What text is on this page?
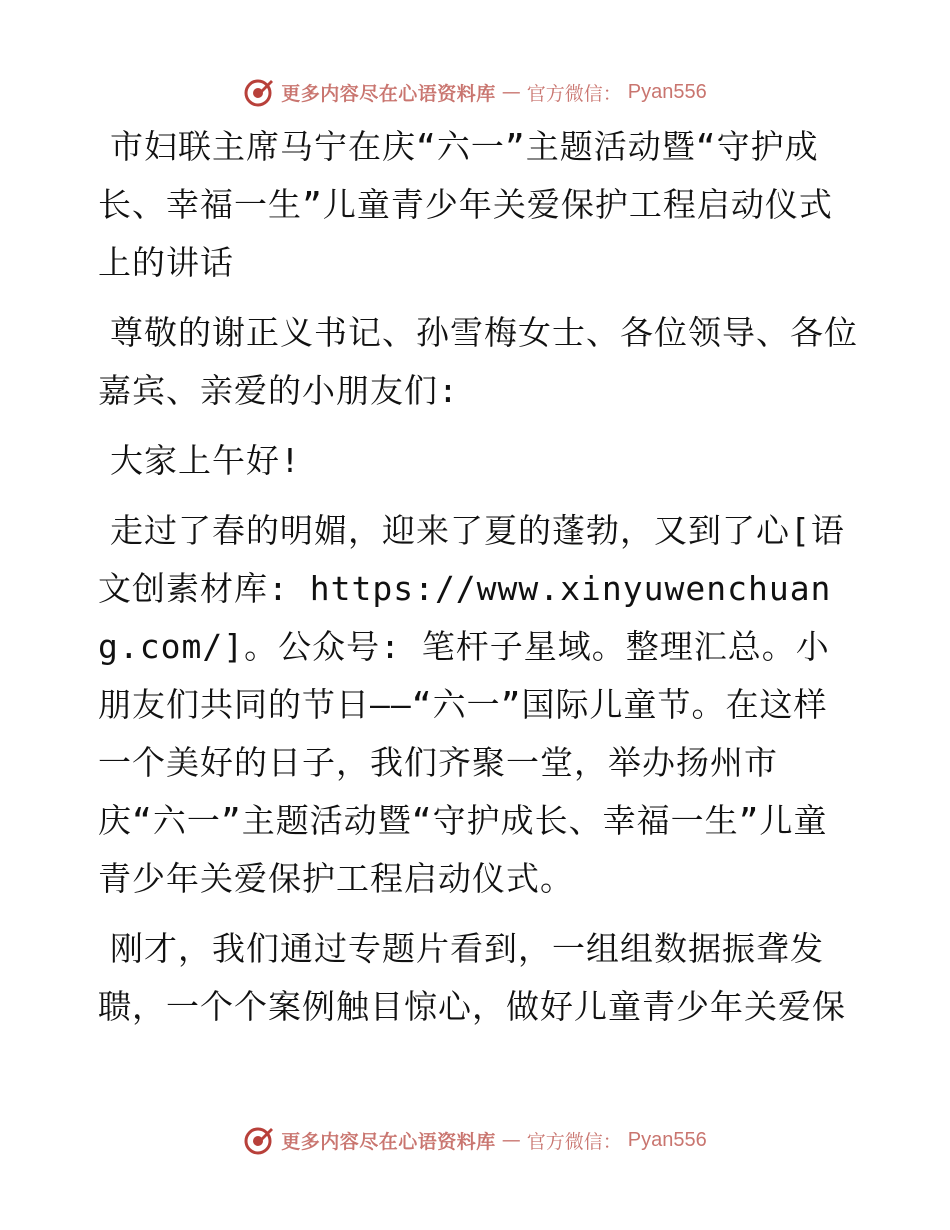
更多内容尽在心语资料库 — 官方微信： Pyan556

市妇联主席马宁在庆“六一”主题活动暨“守护成长、幸福一生”儿童青少年关爱保护工程启动仪式上的讲话

尊敬的谢正义书记、孙雪梅女士、各位领导、各位嘉宾、亲爱的小朋友们:

大家上午好!

走过了春的明媚，迎来了夏的蓬勃，又到了心[语文创素材库: https://www.xinyuwenchuang.com/]。公众号: 笔杆子星域。整理汇总。小朋友们共同的节日——“六一”国际儿童节。在这样一个美好的日子，我们齐聚一堂，举办扬州市庆“六一”主题活动暨“守护成长、幸福一生”儿童青少年关爱保护工程启动仪式。

刚才，我们通过专题片看到，一组组数据振聋发聩，一个个案例触目惊心，做好儿童青少年关爱保

更多内容尽在心语资料库 — 官方微信： Pyan556
